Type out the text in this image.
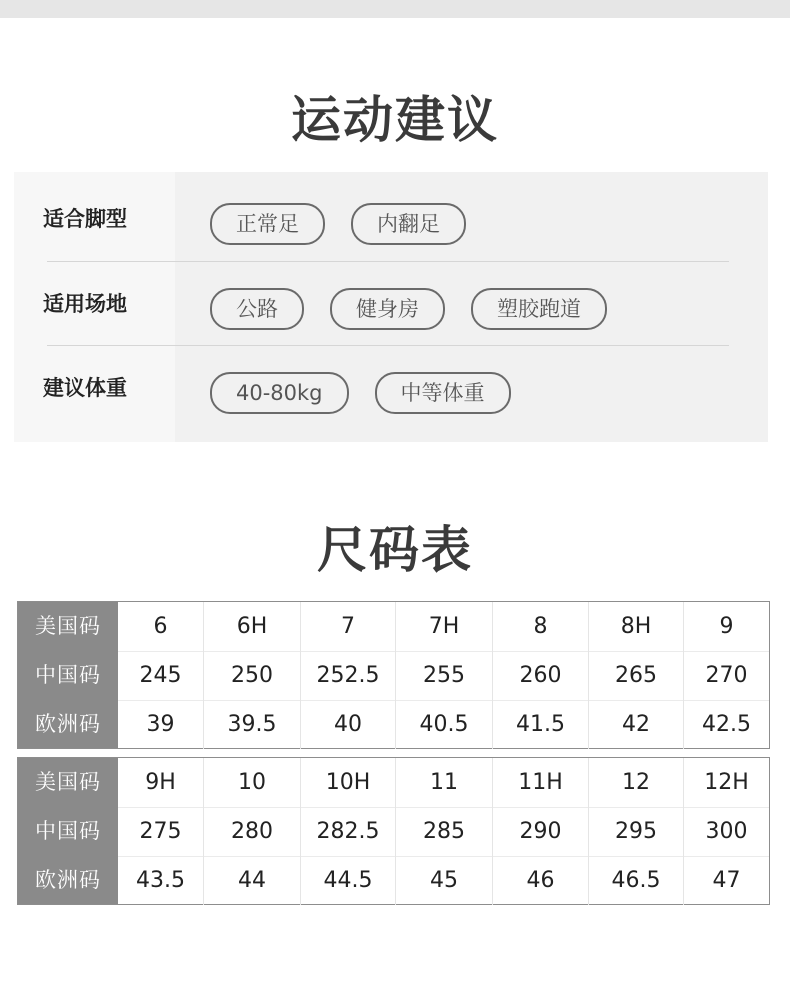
运动建议
适合脚型	正常足	内翻足
适用场地	公路	健身房	塑胶跑道
建议体重	40-80kg	中等体重
尺码表
美国码	6	6H	7	7H	8	8H	9
中国码	245	250	252.5	255	260	265	270
欧洲码	39	39.5	40	40.5	41.5	42	42.5
美国码	9H	10	10H	11	11H	12	12H
中国码	275	280	282.5	285	290	295	300
欧洲码	43.5	44	44.5	45	46	46.5	47
